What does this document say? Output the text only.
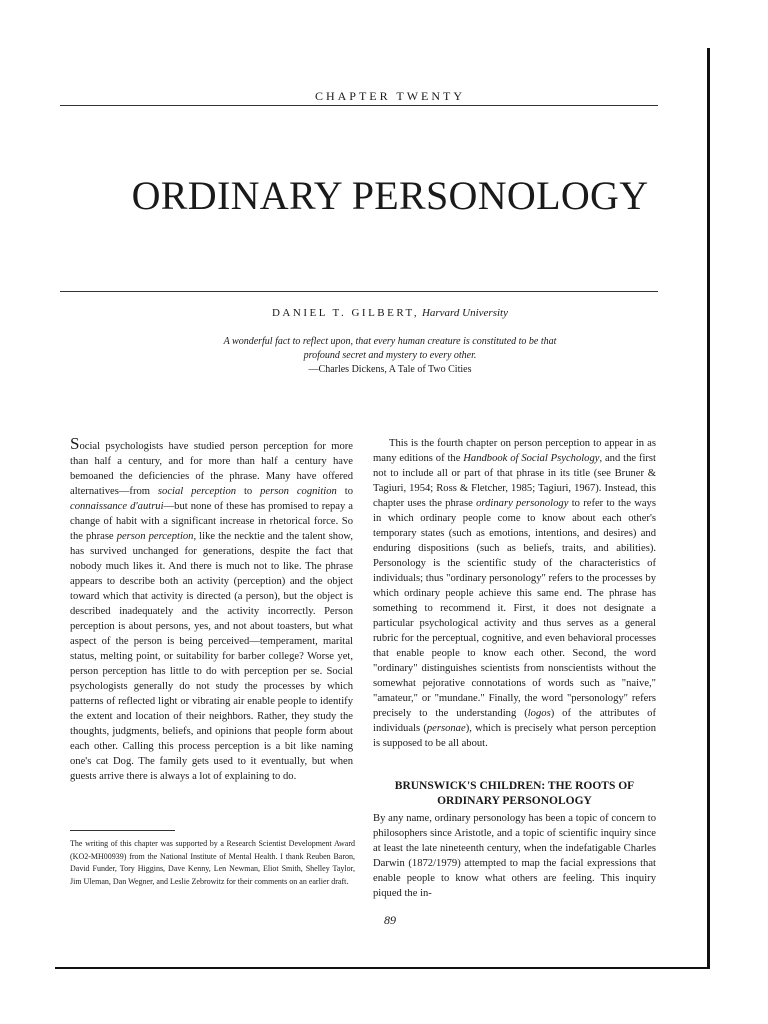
CHAPTER TWENTY
ORDINARY PERSONOLOGY
DANIEL T. GILBERT, Harvard University
A wonderful fact to reflect upon, that every human creature is constituted to be that
profound secret and mystery to every other.
—Charles Dickens, A Tale of Two Cities

Social psychologists have studied person perception for more than half a century, and for more than half a century have bemoaned the deficiencies of the phrase. Many have offered alternatives—from social perception to person cognition to connaissance d'autrui—but none of these has promised to repay a change of habit with a significant increase in rhetorical force. So the phrase person perception, like the necktie and the talent show, has survived unchanged for generations, despite the fact that nobody much likes it. And there is much not to like. The phrase appears to describe both an activity (perception) and the object toward which that activity is directed (a person), but the object is described inadequately and the activity incorrectly. Person perception is about persons, yes, and not about toasters, but what aspect of the person is being perceived—temperament, marital status, melting point, or suitability for barber college? Worse yet, person perception has little to do with perception per se. Social psychologists generally do not study the processes by which patterns of reflected light or vibrating air enable people to identify the extent and location of their neighbors. Rather, they study the thoughts, judgments, beliefs, and opinions that people form about each other. Calling this process perception is a bit like naming one's cat Dog. The family gets used to it eventually, but when guests arrive there is always a lot of explaining to do.

This is the fourth chapter on person perception to appear in as many editions of the Handbook of Social Psychology, and the first not to include all or part of that phrase in its title (see Bruner & Tagiuri, 1954; Ross & Fletcher, 1985; Tagiuri, 1967). Instead, this chapter uses the phrase ordinary personology to refer to the ways in which ordinary people come to know about each other's temporary states (such as emotions, intentions, and desires) and enduring dispositions (such as beliefs, traits, and abilities). Personology is the scientific study of the characteristics of individuals; thus "ordinary personology" refers to the processes by which ordinary people achieve this same end. The phrase has something to recommend it. First, it does not designate a particular psychological activity and thus serves as a general rubric for the perceptual, cognitive, and even behavioral processes that enable people to know each other. Second, the word "ordinary" distinguishes scientists from nonscientists without the somewhat pejorative connotations of words such as "naive," "amateur," or "mundane." Finally, the word "personology" refers precisely to the understanding (logos) of the attributes of individuals (personae), which is precisely what person perception is supposed to be all about.

BRUNSWICK'S CHILDREN: THE ROOTS OF
ORDINARY PERSONOLOGY

By any name, ordinary personology has been a topic of concern to philosophers since Aristotle, and a topic of scientific inquiry since at least the late nineteenth century, when the indefatigable Charles Darwin (1872/1979) attempted to map the facial expressions that enable people to know what others are feeling. This inquiry piqued the in-

The writing of this chapter was supported by a Research Scientist Development Award (KO2-MH00939) from the National Institute of Mental Health. I thank Reuben Baron, David Funder, Tory Higgins, Dave Kenny, Len Newman, Eliot Smith, Shelley Taylor, Jim Uleman, Dan Wegner, and Leslie Zebrowitz for their comments on an earlier draft.
89
